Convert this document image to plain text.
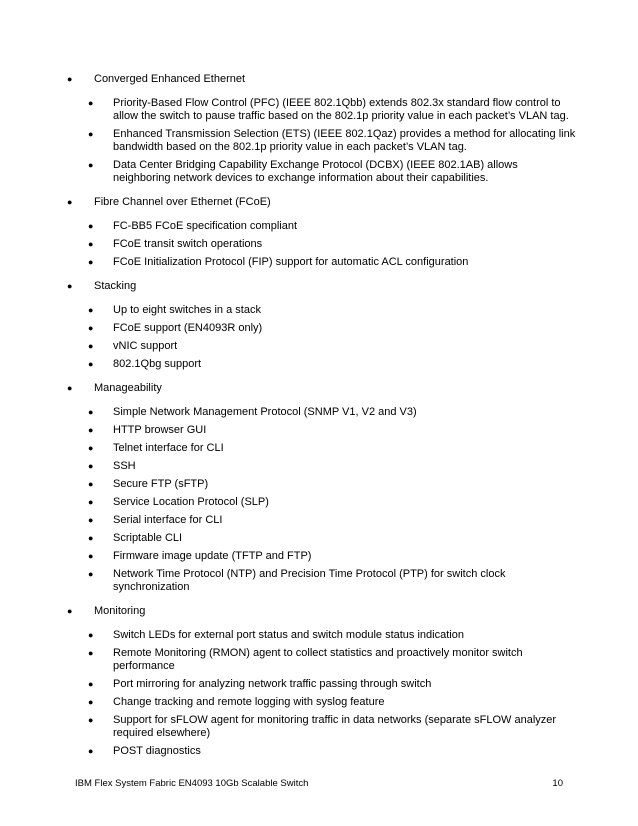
● Converged Enhanced Ethernet
● Priority-Based Flow Control (PFC) (IEEE 802.1Qbb) extends 802.3x standard flow control to allow the switch to pause traffic based on the 802.1p priority value in each packet’s VLAN tag.
● Enhanced Transmission Selection (ETS) (IEEE 802.1Qaz) provides a method for allocating link bandwidth based on the 802.1p priority value in each packet’s VLAN tag.
● Data Center Bridging Capability Exchange Protocol (DCBX) (IEEE 802.1AB) allows neighboring network devices to exchange information about their capabilities.
● Fibre Channel over Ethernet (FCoE)
● FC-BB5 FCoE specification compliant
● FCoE transit switch operations
● FCoE Initialization Protocol (FIP) support for automatic ACL configuration
● Stacking
● Up to eight switches in a stack
● FCoE support (EN4093R only)
● vNIC support
● 802.1Qbg support
● Manageability
● Simple Network Management Protocol (SNMP V1, V2 and V3)
● HTTP browser GUI
● Telnet interface for CLI
● SSH
● Secure FTP (sFTP)
● Service Location Protocol (SLP)
● Serial interface for CLI
● Scriptable CLI
● Firmware image update (TFTP and FTP)
● Network Time Protocol (NTP) and Precision Time Protocol (PTP) for switch clock synchronization
● Monitoring
● Switch LEDs for external port status and switch module status indication
● Remote Monitoring (RMON) agent to collect statistics and proactively monitor switch performance
● Port mirroring for analyzing network traffic passing through switch
● Change tracking and remote logging with syslog feature
● Support for sFLOW agent for monitoring traffic in data networks (separate sFLOW analyzer required elsewhere)
● POST diagnostics
IBM Flex System Fabric EN4093 10Gb Scalable Switch	10
